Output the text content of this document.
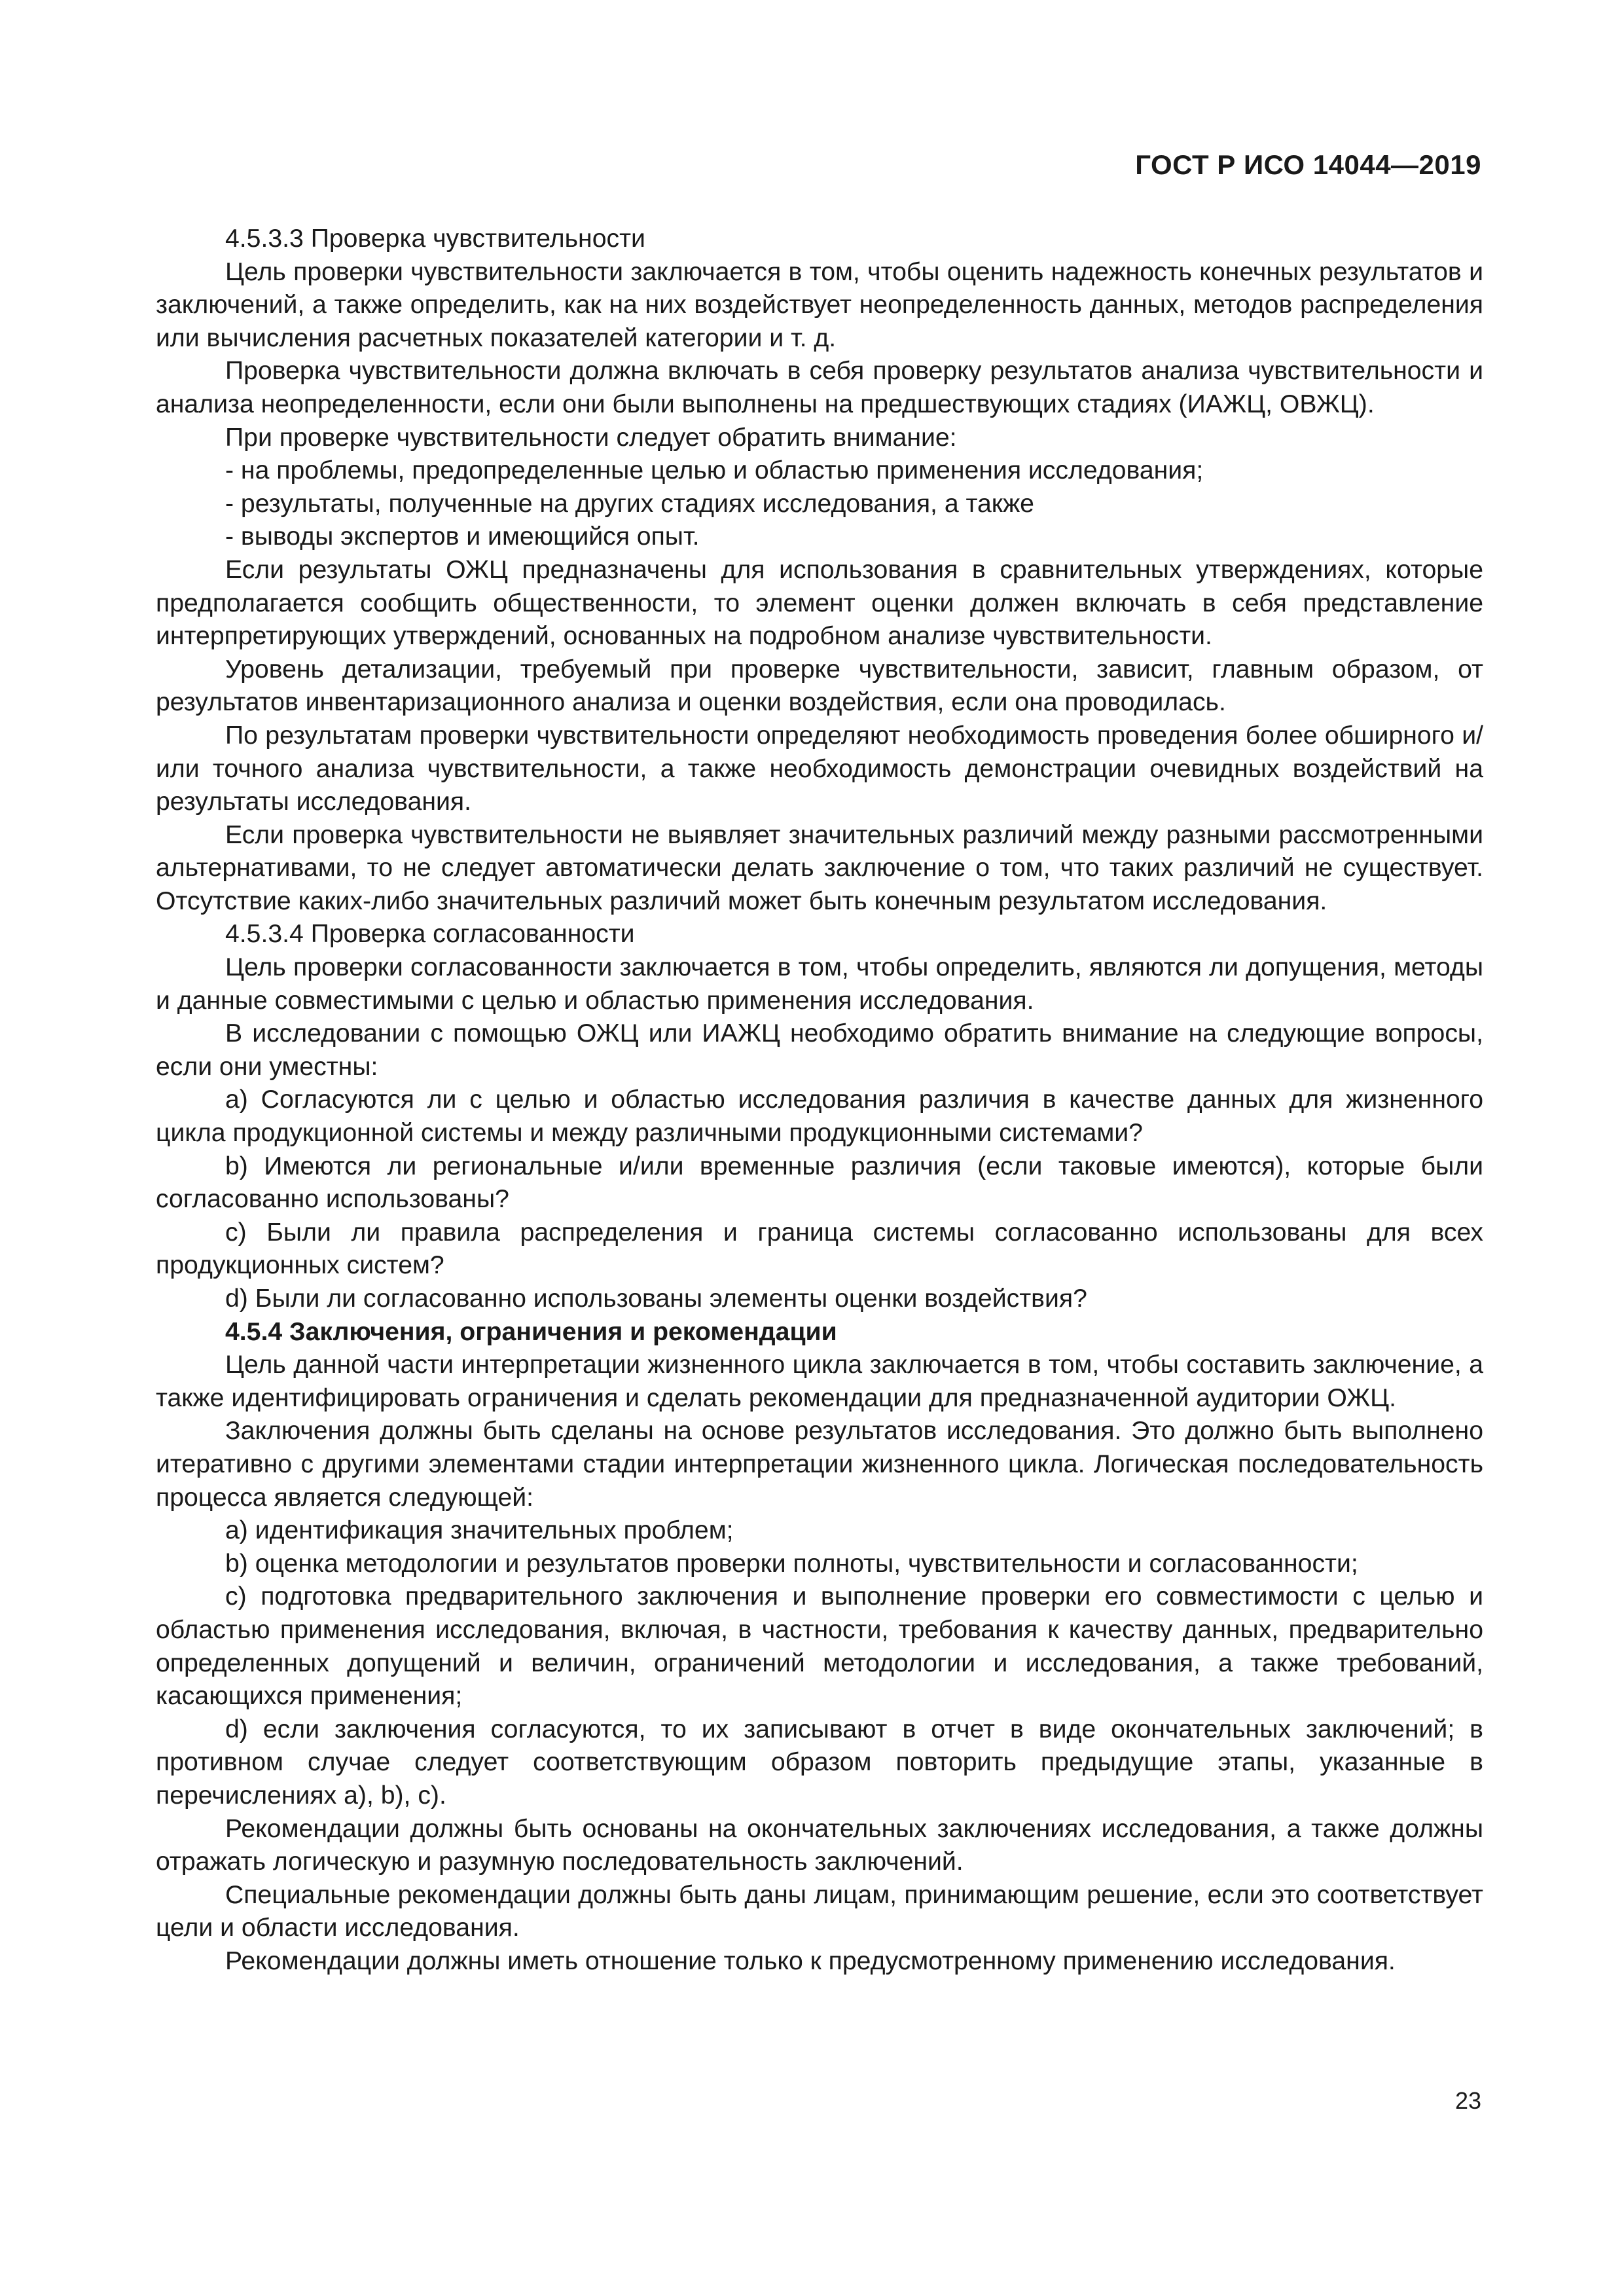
ГОСТ Р ИСО 14044—2019

4.5.3.3 Проверка чувствительности

Цель проверки чувствительности заключается в том, чтобы оценить надежность конечных результатов и заключений, а также определить, как на них воздействует неопределенность данных, методов распределения или вычисления расчетных показателей категории и т. д.

Проверка чувствительности должна включать в себя проверку результатов анализа чувствительности и анализа неопределенности, если они были выполнены на предшествующих стадиях (ИАЖЦ, ОВЖЦ).

При проверке чувствительности следует обратить внимание:

- на проблемы, предопределенные целью и областью применения исследования;

- результаты, полученные на других стадиях исследования, а также

- выводы экспертов и имеющийся опыт.

Если результаты ОЖЦ предназначены для использования в сравнительных утверждениях, которые предполагается сообщить общественности, то элемент оценки должен включать в себя представление интерпретирующих утверждений, основанных на подробном анализе чувствительности.

Уровень детализации, требуемый при проверке чувствительности, зависит, главным образом, от результатов инвентаризационного анализа и оценки воздействия, если она проводилась.

По результатам проверки чувствительности определяют необходимость проведения более обширного и/или точного анализа чувствительности, а также необходимость демонстрации очевидных воздействий на результаты исследования.

Если проверка чувствительности не выявляет значительных различий между разными рассмотренными альтернативами, то не следует автоматически делать заключение о том, что таких различий не существует. Отсутствие каких-либо значительных различий может быть конечным результатом исследования.

4.5.3.4 Проверка согласованности

Цель проверки согласованности заключается в том, чтобы определить, являются ли допущения, методы и данные совместимыми с целью и областью применения исследования.

В исследовании с помощью ОЖЦ или ИАЖЦ необходимо обратить внимание на следующие вопросы, если они уместны:

a) Согласуются ли с целью и областью исследования различия в качестве данных для жизненного цикла продукционной системы и между различными продукционными системами?

b) Имеются ли региональные и/или временные различия (если таковые имеются), которые были согласованно использованы?

c) Были ли правила распределения и граница системы согласованно использованы для всех продукционных систем?

d) Были ли согласованно использованы элементы оценки воздействия?

4.5.4 Заключения, ограничения и рекомендации

Цель данной части интерпретации жизненного цикла заключается в том, чтобы составить заключение, а также идентифицировать ограничения и сделать рекомендации для предназначенной аудитории ОЖЦ.

Заключения должны быть сделаны на основе результатов исследования. Это должно быть выполнено итеративно с другими элементами стадии интерпретации жизненного цикла. Логическая последовательность процесса является следующей:

a) идентификация значительных проблем;

b) оценка методологии и результатов проверки полноты, чувствительности и согласованности;

c) подготовка предварительного заключения и выполнение проверки его совместимости с целью и областью применения исследования, включая, в частности, требования к качеству данных, предварительно определенных допущений и величин, ограничений методологии и исследования, а также требований, касающихся применения;

d) если заключения согласуются, то их записывают в отчет в виде окончательных заключений; в противном случае следует соответствующим образом повторить предыдущие этапы, указанные в перечислениях a), b), c).

Рекомендации должны быть основаны на окончательных заключениях исследования, а также должны отражать логическую и разумную последовательность заключений.

Специальные рекомендации должны быть даны лицам, принимающим решение, если это соответствует цели и области исследования.

Рекомендации должны иметь отношение только к предусмотренному применению исследования.

23
